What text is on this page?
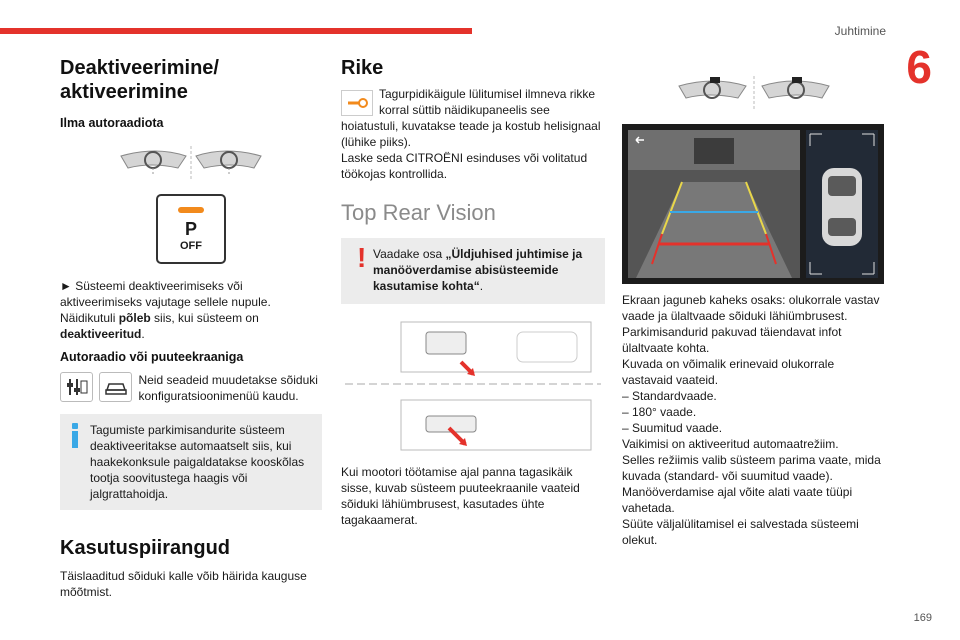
Juhtimine
6
169
Deaktiveerimine/ aktiveerimine
Ilma autoraadiota
P
OFF

► Süsteemi deaktiveerimiseks või aktiveerimiseks vajutage sellele nupule.

Näidikutuli põleb siis, kui süsteem on deaktiveeritud.

Autoraadio või puuteekraaniga

Neid seadeid muudetakse sõiduki konfiguratsioonimenüü kaudu.

Tagumiste parkimisandurite süsteem deaktiveeritakse automaatselt siis, kui haakekonksule paigaldatakse kooskõlas tootja soovitustega haagis või jalgrattahoidja.

Kasutuspiirangud

Täislaaditud sõiduki kalle võib häirida kauguse mõõtmist.

Rike

Tagurpidikäigule lülitumisel ilmneva rikke korral süttib näidikupaneelis see hoiatustuli, kuvatakse teade ja kostub helisignaal (lühike piiks).

Laske seda CITROËNI esinduses või volitatud töökojas kontrollida.

Top Rear Vision
! Vaadake osa „Üldjuhised juhtimise ja manööverdamise abisüsteemide kasutamise kohta“.

Kui mootori töötamise ajal panna tagasikäik sisse, kuvab süsteem puuteekraanile vaateid sõiduki lähiümbrusest, kasutades ühte tagakaamerat.

Ekraan jaguneb kaheks osaks: olukorrale vastav vaade ja ülaltvaade sõiduki lähiümbrusest.

Parkimisandurid pakuvad täiendavat infot ülaltvaate kohta.

Kuvada on võimalik erinevaid olukorrale vastavaid vaateid.

– Standardvaade.

– 180° vaade.

– Suumitud vaade.

Vaikimisi on aktiveeritud automaatrežiim.

Selles režiimis valib süsteem parima vaate, mida kuvada (standard- või suumitud vaade).

Manööverdamise ajal võite alati vaate tüüpi vahetada.

Süüte väljalülitamisel ei salvestada süsteemi olekut.
